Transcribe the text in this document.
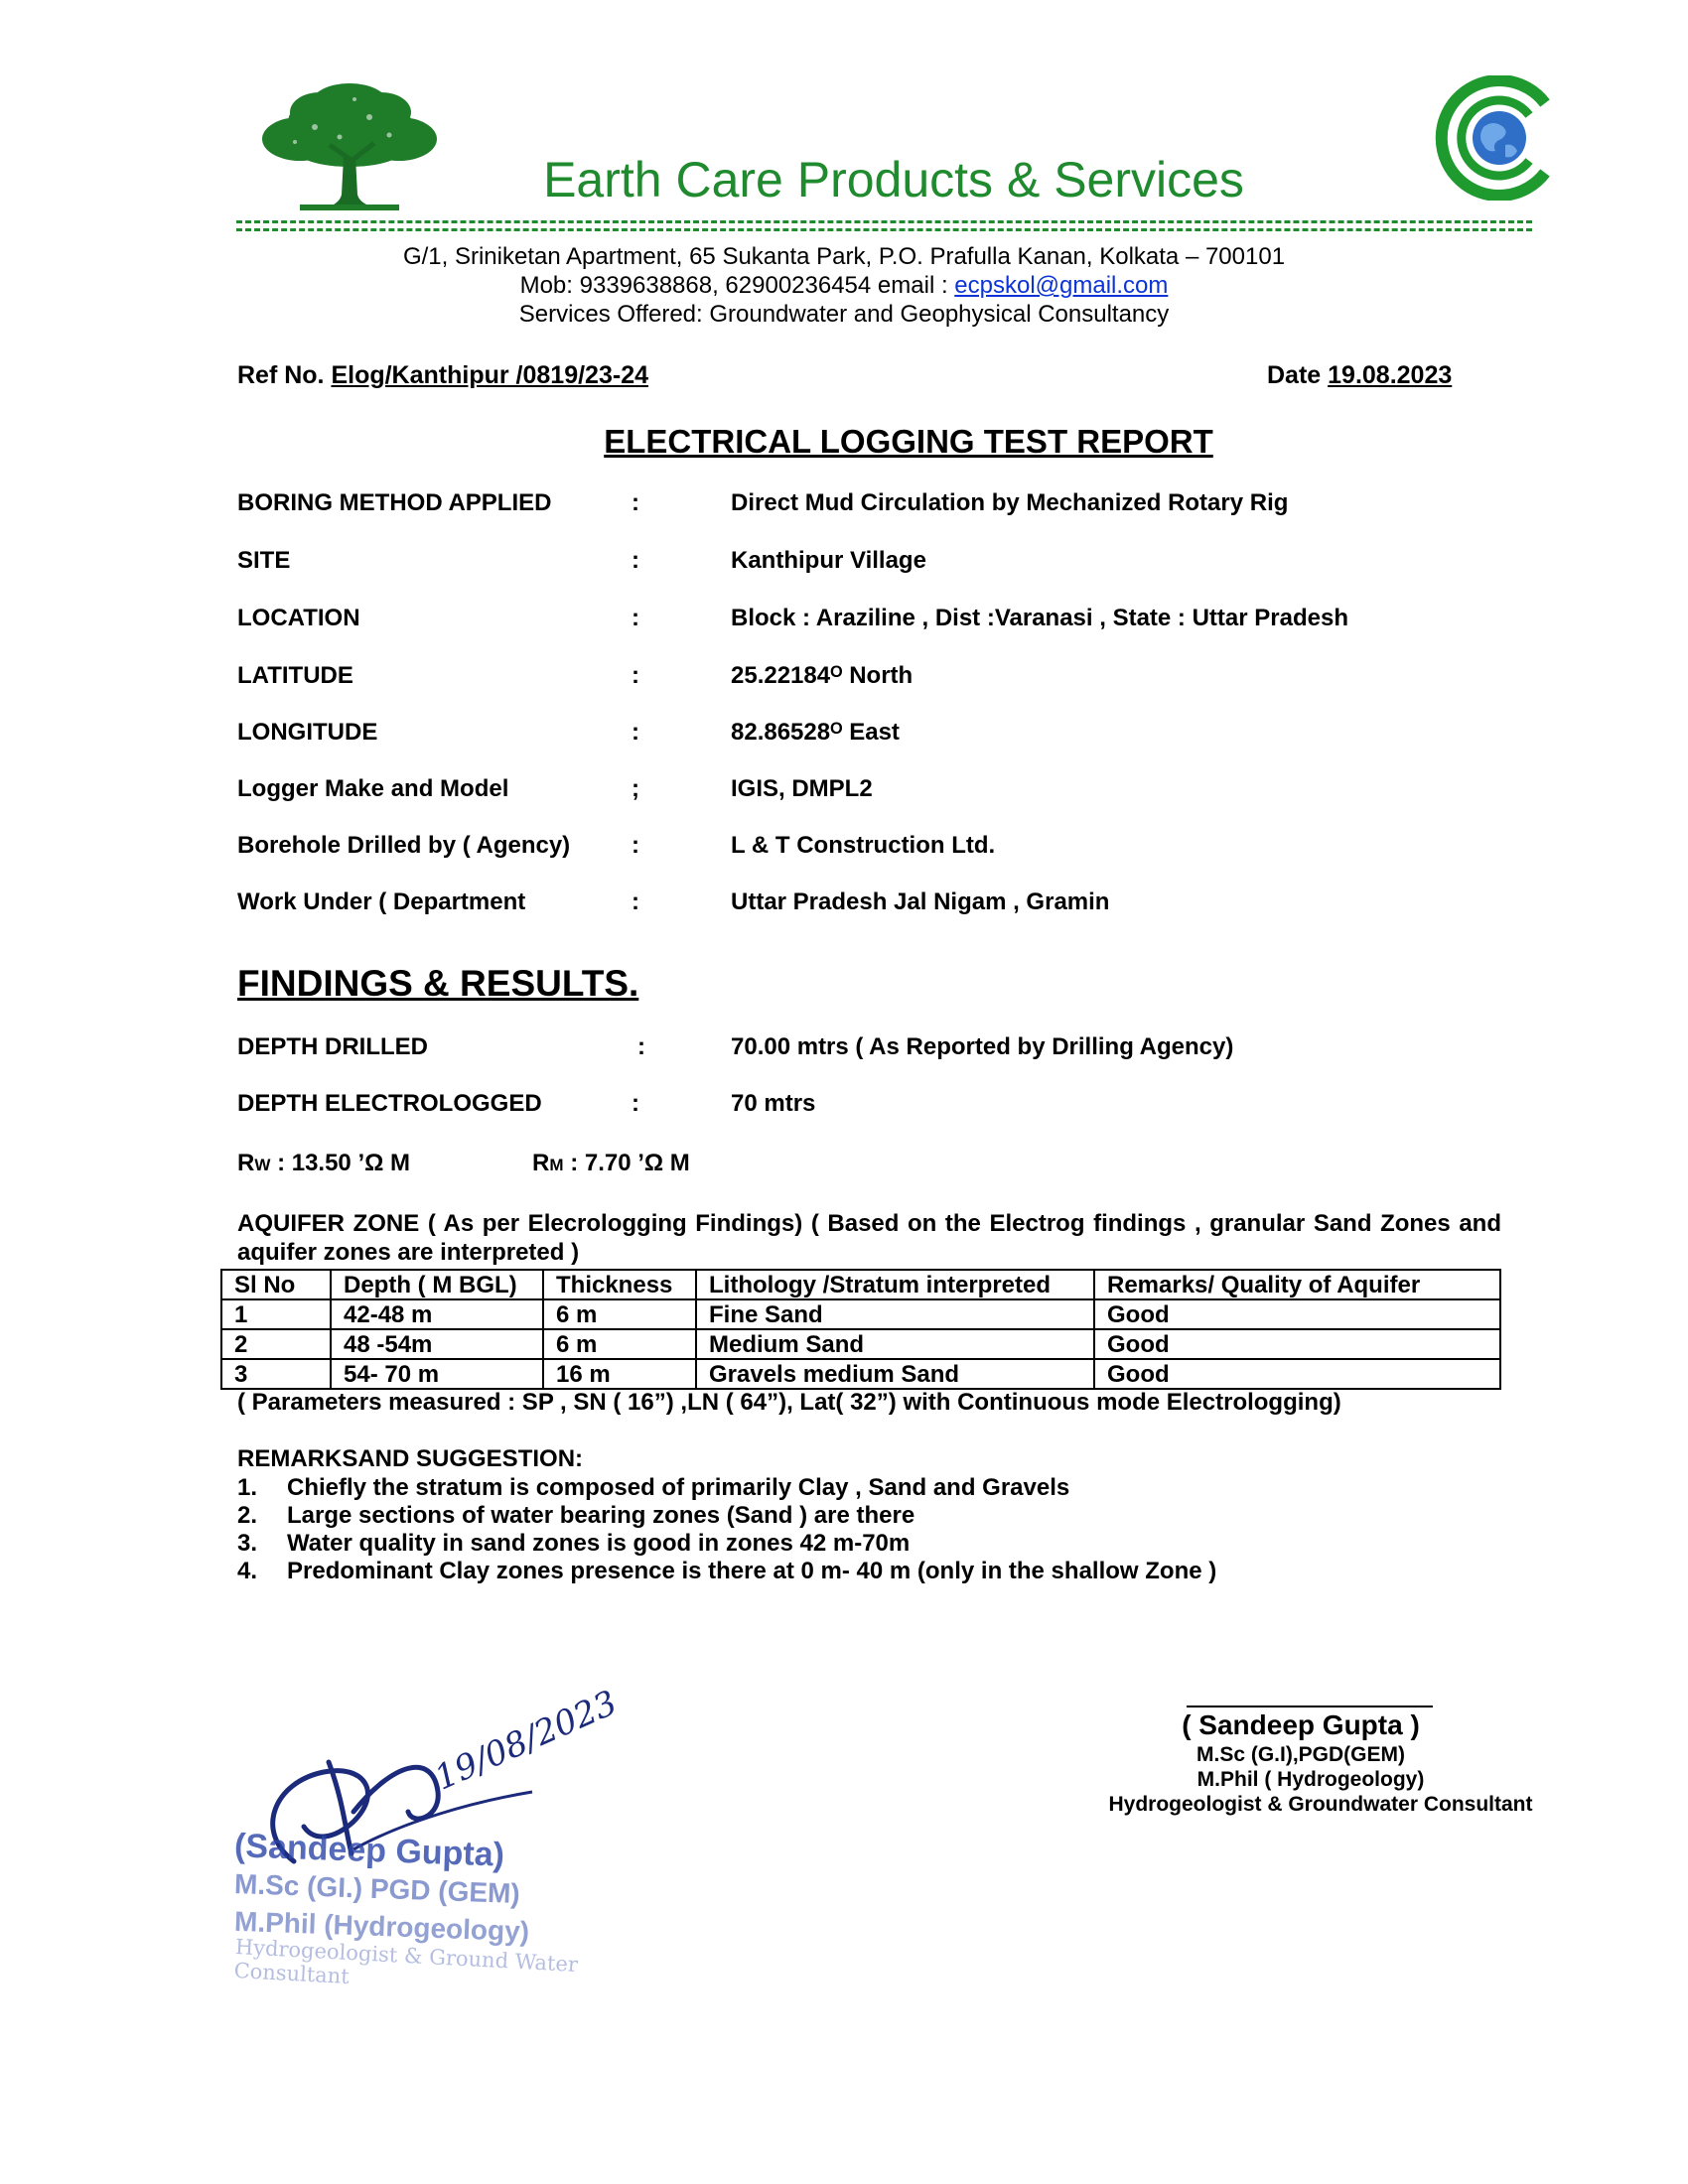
Earth Care Products & Services
G/1, Sriniketan Apartment, 65 Sukanta Park, P.O. Prafulla Kanan, Kolkata – 700101
Mob: 9339638868, 62900236454 email : ecpskol@gmail.com
Services Offered: Groundwater and Geophysical Consultancy
Ref No. Elog/Kanthipur /0819/23-24	Date 19.08.2023
ELECTRICAL LOGGING TEST REPORT
BORING METHOD APPLIED	:	Direct Mud Circulation by Mechanized Rotary Rig
SITE	:	Kanthipur Village
LOCATION	:	Block : Araziline , Dist :Varanasi , State : Uttar Pradesh
LATITUDE	:	25.22184ᴼ North
LONGITUDE	:	82.86528ᴼ East
Logger Make and Model	;	IGIS, DMPL2
Borehole Drilled by ( Agency)	:	L & T Construction Ltd.
Work Under ( Department	:	Uttar Pradesh Jal Nigam , Gramin
FINDINGS & RESULTS.
DEPTH DRILLED	:	70.00 mtrs ( As Reported by Drilling Agency)
DEPTH ELECTROLOGGED	:	70 mtrs
RW : 13.50 ’Ω M	RM : 7.70 ’Ω M
AQUIFER ZONE ( As per Elecrologging Findings) ( Based on the Electrog findings , granular Sand Zones and aquifer zones are interpreted )
Sl No	Depth ( M BGL)	Thickness	Lithology /Stratum interpreted	Remarks/ Quality of Aquifer
1	42-48 m	6 m	Fine Sand	Good
2	48 -54m	6 m	Medium Sand	Good
3	54- 70 m	16 m	Gravels medium Sand	Good
( Parameters measured : SP , SN ( 16”) ,LN ( 64”), Lat( 32”) with Continuous mode Electrologging)
REMARKSAND SUGGESTION:
1. Chiefly the stratum is composed of primarily Clay , Sand and Gravels
2. Large sections of water bearing zones (Sand ) are there
3. Water quality in sand zones is good in zones 42 m-70m
4. Predominant Clay zones presence is there at 0 m- 40 m (only in the shallow Zone )
( Sandeep Gupta )
M.Sc (G.I),PGD(GEM)
M.Phil ( Hydrogeology)
Hydrogeologist & Groundwater Consultant
19/08/2023
(Sandeep Gupta)
M.Sc (GI.) PGD (GEM)
M.Phil (Hydrogeology)
Hydrogeologist & Ground Water Consultant
